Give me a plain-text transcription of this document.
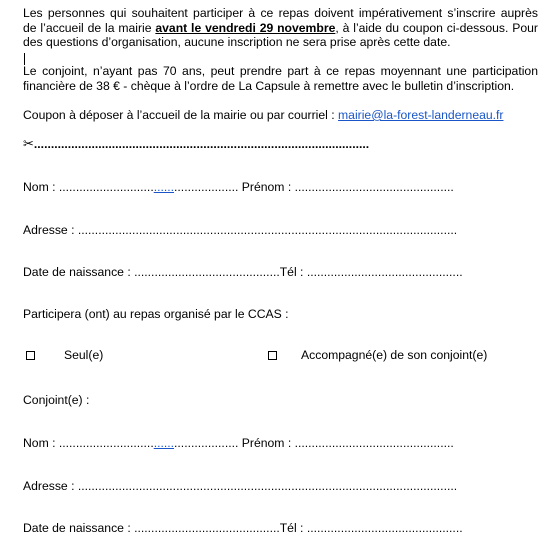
Les personnes qui souhaitent participer à ce repas doivent impérativement s’inscrire auprès
de l’accueil de la mairie avant le vendredi 29 novembre, à l’aide du coupon ci-dessous. Pour
des questions d’organisation, aucune inscription ne sera prise après cette date.
Le conjoint, n’ayant pas 70 ans, peut prendre part à ce repas moyennant une participation
financière de 38 € - chèque à l’ordre de La Capsule à remettre avec le bulletin d’inscription.
Coupon à déposer à l’accueil de la mairie ou par courriel : mairie@la-forest-landerneau.fr
✂...................................................................................................
Nom : ..................................................... Prénom : ...............................................
Adresse : ................................................................................................................
Date de naissance : ...........................................Tél : ..............................................
Participera (ont) au repas organisé par le CCAS :
Seul(e)	Accompagné(e) de son conjoint(e)
Conjoint(e) :
Nom : ..................................................... Prénom : ...............................................
Adresse : ................................................................................................................
Date de naissance : ...........................................Tél : ..............................................
